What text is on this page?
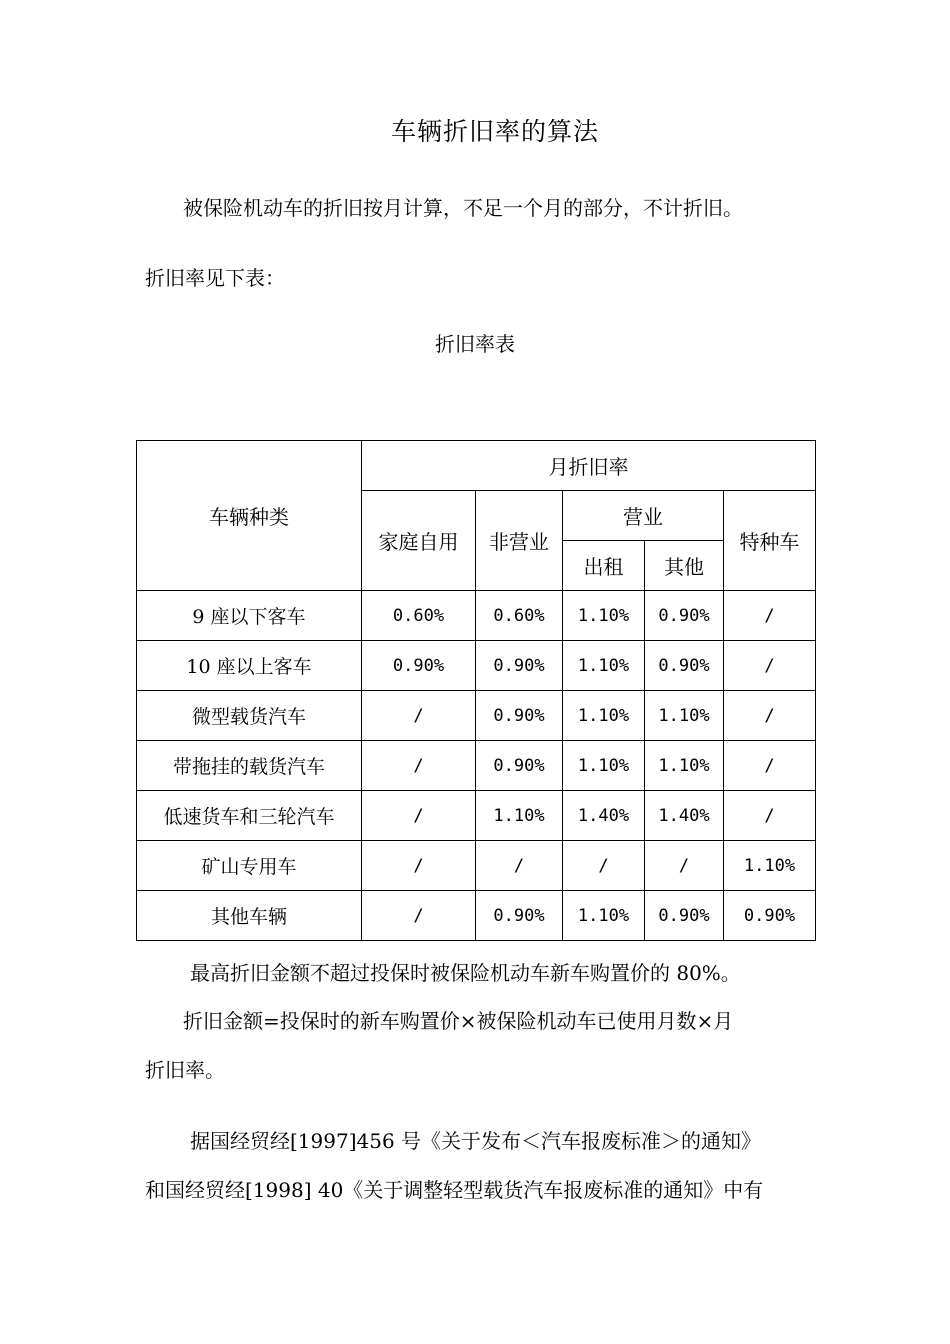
车辆折旧率的算法
被保险机动车的折旧按月计算，不足一个月的部分，不计折旧。
折旧率见下表：
折旧率表
车辆种类	月折旧率				
	家庭自用	非营业	营业		特种车
			出租	其他	
9 座以下客车	0.60%	0.60%	1.10%	0.90%	/
10 座以上客车	0.90%	0.90%	1.10%	0.90%	/
微型载货汽车	/	0.90%	1.10%	1.10%	/
带拖挂的载货汽车	/	0.90%	1.10%	1.10%	/
低速货车和三轮汽车	/	1.10%	1.40%	1.40%	/
矿山专用车	/	/	/	/	1.10%
其他车辆	/	0.90%	1.10%	0.90%	0.90%
最高折旧金额不超过投保时被保险机动车新车购置价的 80%。
折旧金额=投保时的新车购置价×被保险机动车已使用月数×月
折旧率。
据国经贸经[1997]456 号《关于发布＜汽车报废标准＞的通知》
和国经贸经[1998] 40《关于调整轻型载货汽车报废标准的通知》中有
